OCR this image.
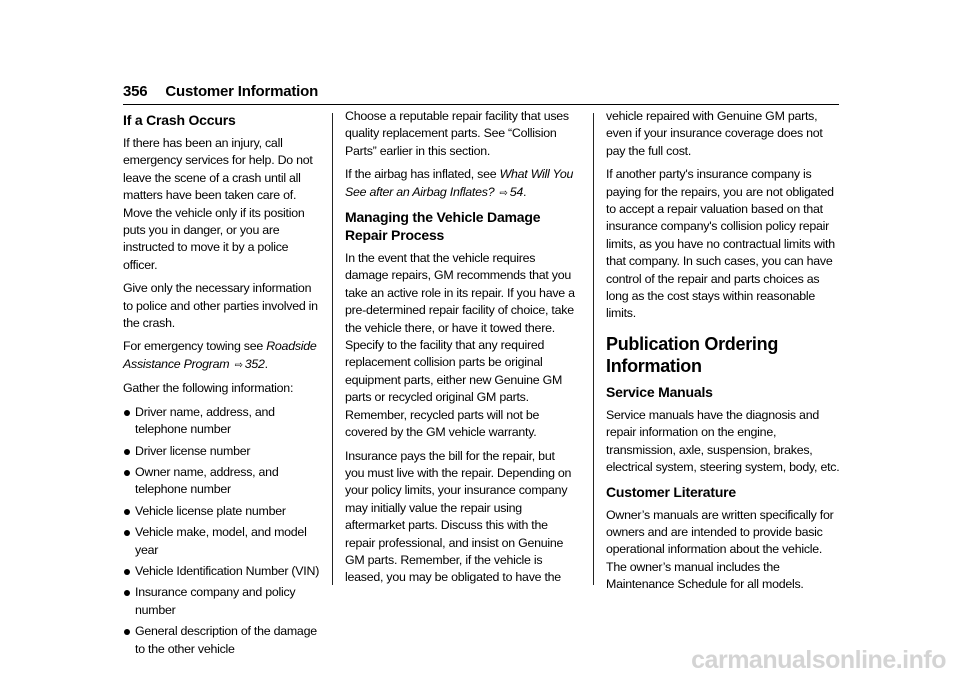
356 Customer Information
If a Crash Occurs

If there has been an injury, call emergency services for help. Do not leave the scene of a crash until all matters have been taken care of. Move the vehicle only if its position puts you in danger, or you are instructed to move it by a police officer.

Give only the necessary information to police and other parties involved in the crash.

For emergency towing see Roadside Assistance Program ⇨ 352.

Gather the following information:

Driver name, address, and telephone number
Driver license number
Owner name, address, and telephone number
Vehicle license plate number
Vehicle make, model, and model year
Vehicle Identification Number (VIN)
Insurance company and policy number
General description of the damage to the other vehicle

Choose a reputable repair facility that uses quality replacement parts. See “Collision Parts” earlier in this section.

If the airbag has inflated, see What Will You See after an Airbag Inflates? ⇨ 54.

Managing the Vehicle Damage Repair Process

In the event that the vehicle requires damage repairs, GM recommends that you take an active role in its repair. If you have a pre-determined repair facility of choice, take the vehicle there, or have it towed there. Specify to the facility that any required replacement collision parts be original equipment parts, either new Genuine GM parts or recycled original GM parts. Remember, recycled parts will not be covered by the GM vehicle warranty.

Insurance pays the bill for the repair, but you must live with the repair. Depending on your policy limits, your insurance company may initially value the repair using aftermarket parts. Discuss this with the repair professional, and insist on Genuine GM parts. Remember, if the vehicle is leased, you may be obligated to have the

vehicle repaired with Genuine GM parts, even if your insurance coverage does not pay the full cost.

If another party's insurance company is paying for the repairs, you are not obligated to accept a repair valuation based on that insurance company's collision policy repair limits, as you have no contractual limits with that company. In such cases, you can have control of the repair and parts choices as long as the cost stays within reasonable limits.

Publication Ordering Information
Service Manuals

Service manuals have the diagnosis and repair information on the engine, transmission, axle, suspension, brakes, electrical system, steering system, body, etc.

Customer Literature

Owner’s manuals are written specifically for owners and are intended to provide basic operational information about the vehicle. The owner’s manual includes the Maintenance Schedule for all models.

carmanualsonline.info
